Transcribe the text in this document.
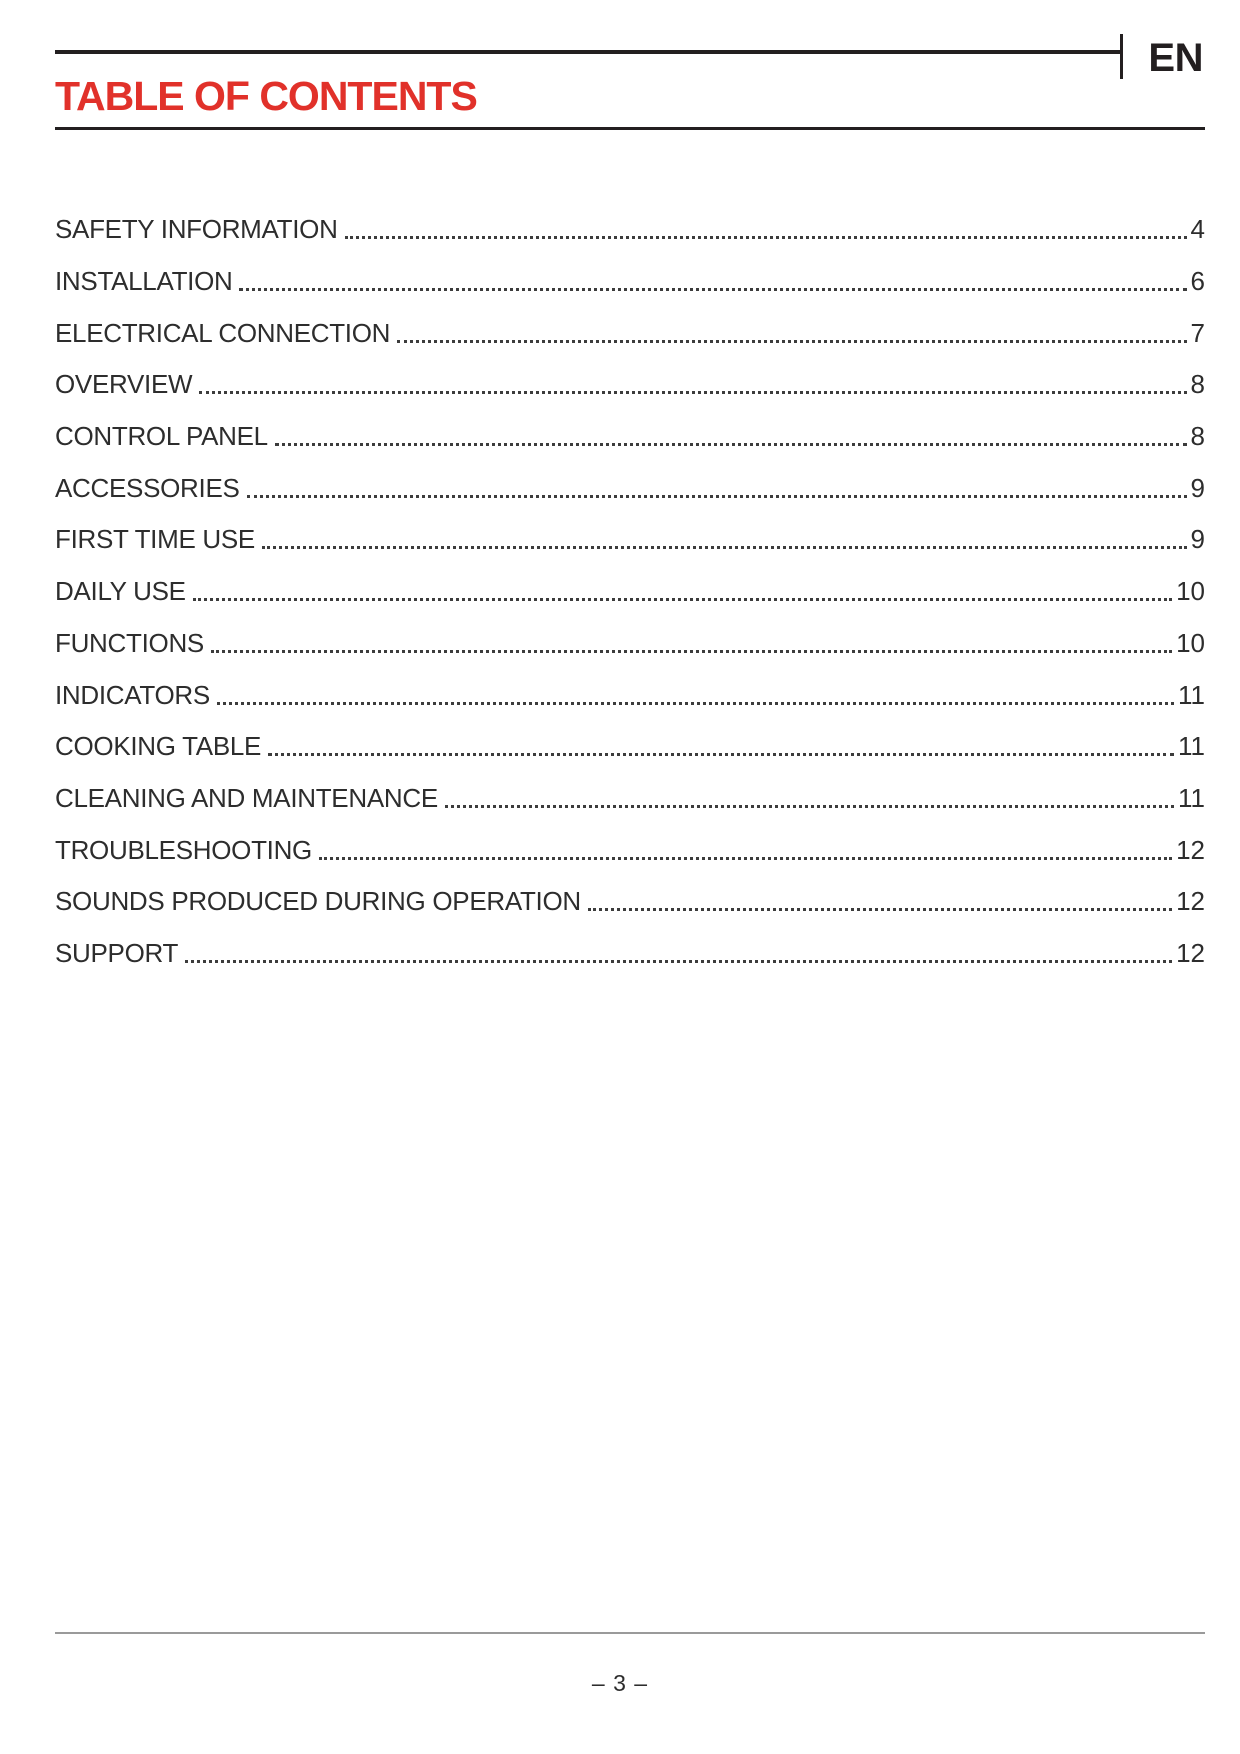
EN
TABLE OF CONTENTS
SAFETY INFORMATION	4
INSTALLATION	6
ELECTRICAL CONNECTION	7
OVERVIEW	8
CONTROL PANEL	8
ACCESSORIES	9
FIRST TIME USE	9
DAILY USE	10
FUNCTIONS	10
INDICATORS	11
COOKING TABLE	11
CLEANING AND MAINTENANCE	11
TROUBLESHOOTING	12
SOUNDS PRODUCED DURING OPERATION	12
SUPPORT	12
– 3 –
